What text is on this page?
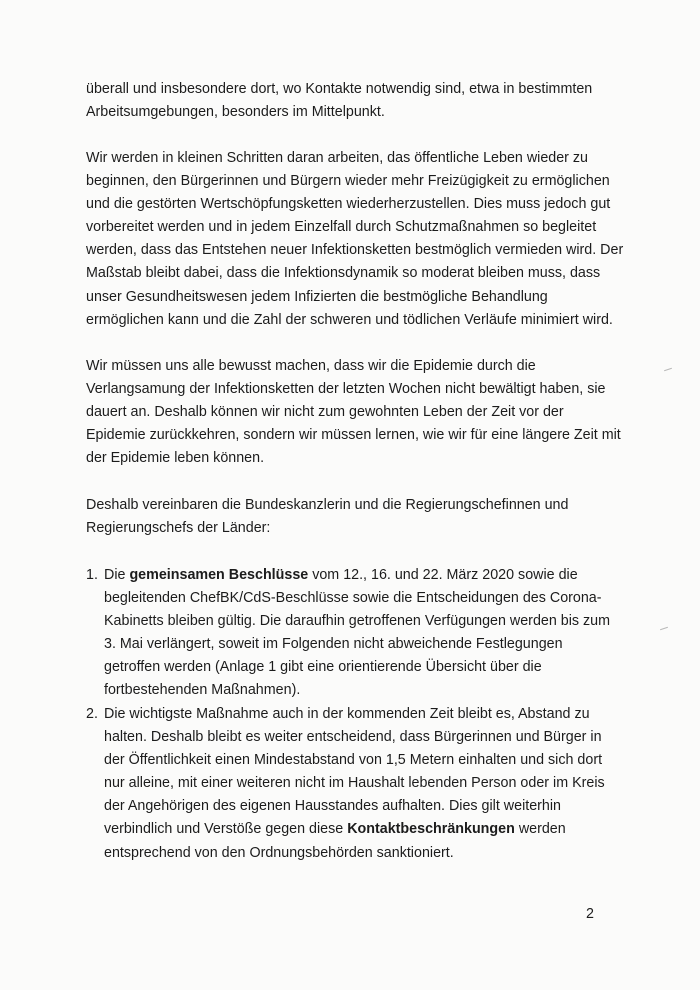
überall und insbesondere dort, wo Kontakte notwendig sind, etwa in bestimmten
Arbeitsumgebungen, besonders im Mittelpunkt.

Wir werden in kleinen Schritten daran arbeiten, das öffentliche Leben wieder zu
beginnen, den Bürgerinnen und Bürgern wieder mehr Freizügigkeit zu ermöglichen
und die gestörten Wertschöpfungsketten wiederherzustellen. Dies muss jedoch gut
vorbereitet werden und in jedem Einzelfall durch Schutzmaßnahmen so begleitet
werden, dass das Entstehen neuer Infektionsketten bestmöglich vermieden wird. Der
Maßstab bleibt dabei, dass die Infektionsdynamik so moderat bleiben muss, dass
unser Gesundheitswesen jedem Infizierten die bestmögliche Behandlung
ermöglichen kann und die Zahl der schweren und tödlichen Verläufe minimiert wird.

Wir müssen uns alle bewusst machen, dass wir die Epidemie durch die
Verlangsamung der Infektionsketten der letzten Wochen nicht bewältigt haben, sie
dauert an. Deshalb können wir nicht zum gewohnten Leben der Zeit vor der
Epidemie zurückkehren, sondern wir müssen lernen, wie wir für eine längere Zeit mit
der Epidemie leben können.

Deshalb vereinbaren die Bundeskanzlerin und die Regierungschefinnen und
Regierungschefs der Länder:

1. Die gemeinsamen Beschlüsse vom 12., 16. und 22. März 2020 sowie die
begleitenden ChefBK/CdS-Beschlüsse sowie die Entscheidungen des Corona-
Kabinetts bleiben gültig. Die daraufhin getroffenen Verfügungen werden bis zum
3. Mai verlängert, soweit im Folgenden nicht abweichende Festlegungen
getroffen werden (Anlage 1 gibt eine orientierende Übersicht über die
fortbestehenden Maßnahmen).
2. Die wichtigste Maßnahme auch in der kommenden Zeit bleibt es, Abstand zu
halten. Deshalb bleibt es weiter entscheidend, dass Bürgerinnen und Bürger in
der Öffentlichkeit einen Mindestabstand von 1,5 Metern einhalten und sich dort
nur alleine, mit einer weiteren nicht im Haushalt lebenden Person oder im Kreis
der Angehörigen des eigenen Hausstandes aufhalten. Dies gilt weiterhin
verbindlich und Verstöße gegen diese Kontaktbeschränkungen werden
entsprechend von den Ordnungsbehörden sanktioniert.
2
